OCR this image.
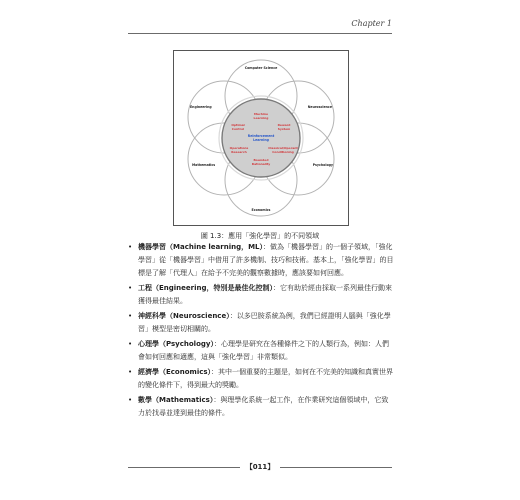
Chapter 1
Computer Science
Engineering	Neuroscience
Mathematics	Psychology
Economics
Machine
Learning
Optimal
Control
Reward
System
Reinforcement
Learning
Operations
Research
Classical/Operant
Conditioning
Bounded
Rationality
圖 1.3：應用「強化學習」的不同領域
• 機器學習（Machine learning，ML）：做為「機器學習」的一個子領域，「強化學習」從「機器學習」中借用了許多機制、技巧和技術。基本上，「強化學習」的目標是了解「代理人」在給予不完美的觀察數據時，應該要如何回應。
• 工程（Engineering，特別是最佳化控制）：它有助於經由採取一系列最佳行動來獲得最佳結果。
• 神經科學（Neuroscience）：以多巴胺系統為例，我們已經證明人腦與「強化學習」模型是密切相關的。
• 心理學（Psychology）：心理學是研究在各種條件之下的人類行為，例如：人們會如何回應和適應，這與「強化學習」非常類似。
• 經濟學（Economics）：其中一個重要的主題是，如何在不完美的知識和真實世界的變化條件下，得到最大的獎勵。
• 數學（Mathematics）：與理學化系統一起工作，在作業研究這個領域中，它致力於找尋並達到最佳的條件。
【011】
